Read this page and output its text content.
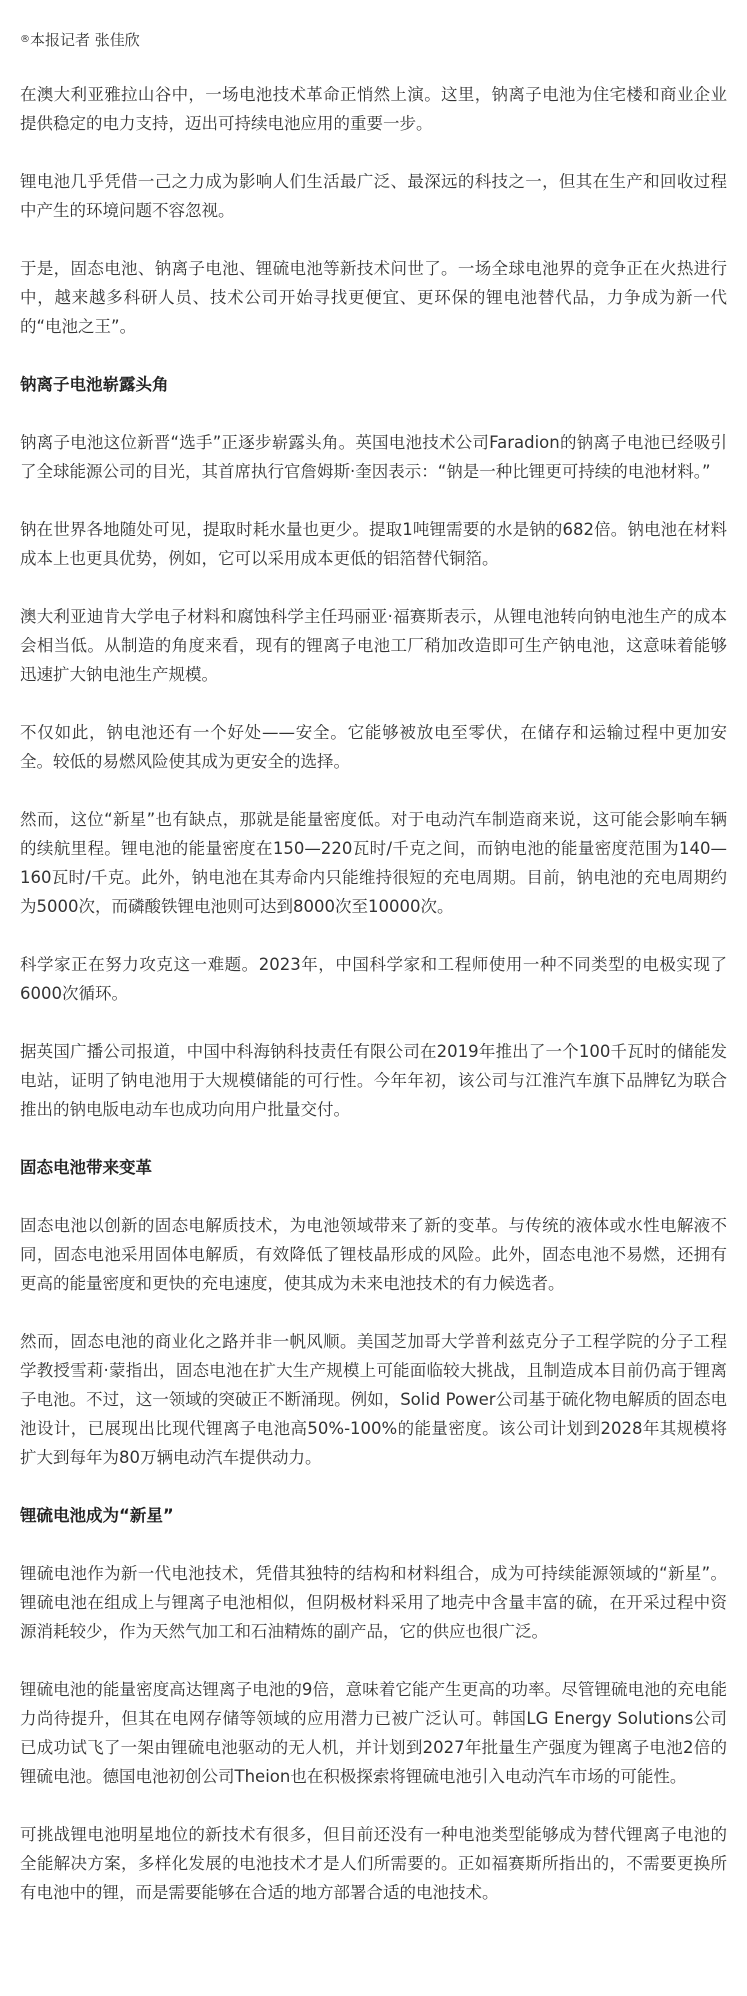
®本报记者 张佳欣

在澳大利亚雅拉山谷中，一场电池技术革命正悄然上演。这里，钠离子电池为住宅楼和商业企业提供稳定的电力支持，迈出可持续电池应用的重要一步。

锂电池几乎凭借一己之力成为影响人们生活最广泛、最深远的科技之一，但其在生产和回收过程中产生的环境问题不容忽视。

于是，固态电池、钠离子电池、锂硫电池等新技术问世了。一场全球电池界的竞争正在火热进行中，越来越多科研人员、技术公司开始寻找更便宜、更环保的锂电池替代品，力争成为新一代的“电池之王”。

钠离子电池崭露头角

钠离子电池这位新晋“选手”正逐步崭露头角。英国电池技术公司Faradion的钠离子电池已经吸引了全球能源公司的目光，其首席执行官詹姆斯·奎因表示：“钠是一种比锂更可持续的电池材料。”

钠在世界各地随处可见，提取时耗水量也更少。提取1吨锂需要的水是钠的682倍。钠电池在材料成本上也更具优势，例如，它可以采用成本更低的铝箔替代铜箔。

澳大利亚迪肯大学电子材料和腐蚀科学主任玛丽亚·福赛斯表示，从锂电池转向钠电池生产的成本会相当低。从制造的角度来看，现有的锂离子电池工厂稍加改造即可生产钠电池，这意味着能够迅速扩大钠电池生产规模。

不仅如此，钠电池还有一个好处——安全。它能够被放电至零伏，在储存和运输过程中更加安全。较低的易燃风险使其成为更安全的选择。

然而，这位“新星”也有缺点，那就是能量密度低。对于电动汽车制造商来说，这可能会影响车辆的续航里程。锂电池的能量密度在150—220瓦时/千克之间，而钠电池的能量密度范围为140—160瓦时/千克。此外，钠电池在其寿命内只能维持很短的充电周期。目前，钠电池的充电周期约为5000次，而磷酸铁锂电池则可达到8000次至10000次。

科学家正在努力攻克这一难题。2023年，中国科学家和工程师使用一种不同类型的电极实现了6000次循环。

据英国广播公司报道，中国中科海钠科技责任有限公司在2019年推出了一个100千瓦时的储能发电站，证明了钠电池用于大规模储能的可行性。今年年初，该公司与江淮汽车旗下品牌钇为联合推出的钠电版电动车也成功向用户批量交付。

固态电池带来变革

固态电池以创新的固态电解质技术，为电池领域带来了新的变革。与传统的液体或水性电解液不同，固态电池采用固体电解质，有效降低了锂枝晶形成的风险。此外，固态电池不易燃，还拥有更高的能量密度和更快的充电速度，使其成为未来电池技术的有力候选者。

然而，固态电池的商业化之路并非一帆风顺。美国芝加哥大学普利兹克分子工程学院的分子工程学教授雪莉·蒙指出，固态电池在扩大生产规模上可能面临较大挑战，且制造成本目前仍高于锂离子电池。不过，这一领域的突破正不断涌现。例如，Solid Power公司基于硫化物电解质的固态电池设计，已展现出比现代锂离子电池高50%-100%的能量密度。该公司计划到2028年其规模将扩大到每年为80万辆电动汽车提供动力。

锂硫电池成为“新星”

锂硫电池作为新一代电池技术，凭借其独特的结构和材料组合，成为可持续能源领域的“新星”。锂硫电池在组成上与锂离子电池相似，但阴极材料采用了地壳中含量丰富的硫，在开采过程中资源消耗较少，作为天然气加工和石油精炼的副产品，它的供应也很广泛。

锂硫电池的能量密度高达锂离子电池的9倍，意味着它能产生更高的功率。尽管锂硫电池的充电能力尚待提升，但其在电网存储等领域的应用潜力已被广泛认可。韩国LG Energy Solutions公司已成功试飞了一架由锂硫电池驱动的无人机，并计划到2027年批量生产强度为锂离子电池2倍的锂硫电池。德国电池初创公司Theion也在积极探索将锂硫电池引入电动汽车市场的可能性。

可挑战锂电池明星地位的新技术有很多，但目前还没有一种电池类型能够成为替代锂离子电池的全能解决方案，多样化发展的电池技术才是人们所需要的。正如福赛斯所指出的，不需要更换所有电池中的锂，而是需要能够在合适的地方部署合适的电池技术。
